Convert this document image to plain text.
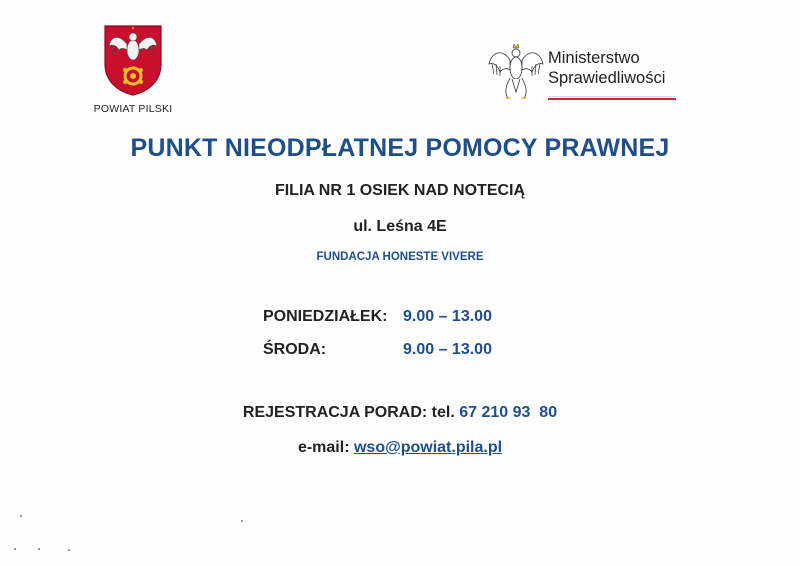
POWIAT PILSKI
Ministerstwo
Sprawiedliwości
PUNKT NIEODPŁATNEJ POMOCY PRAWNEJ
FILIA NR 1 OSIEK NAD NOTECIĄ
ul. Leśna 4E
FUNDACJA HONESTE VIVERE
PONIEDZIAŁEK: 9.00 – 13.00
ŚRODA:	9.00 – 13.00
REJESTRACJA PORAD: tel. 67 210 93  80
e-mail: wso@powiat.pila.pl
